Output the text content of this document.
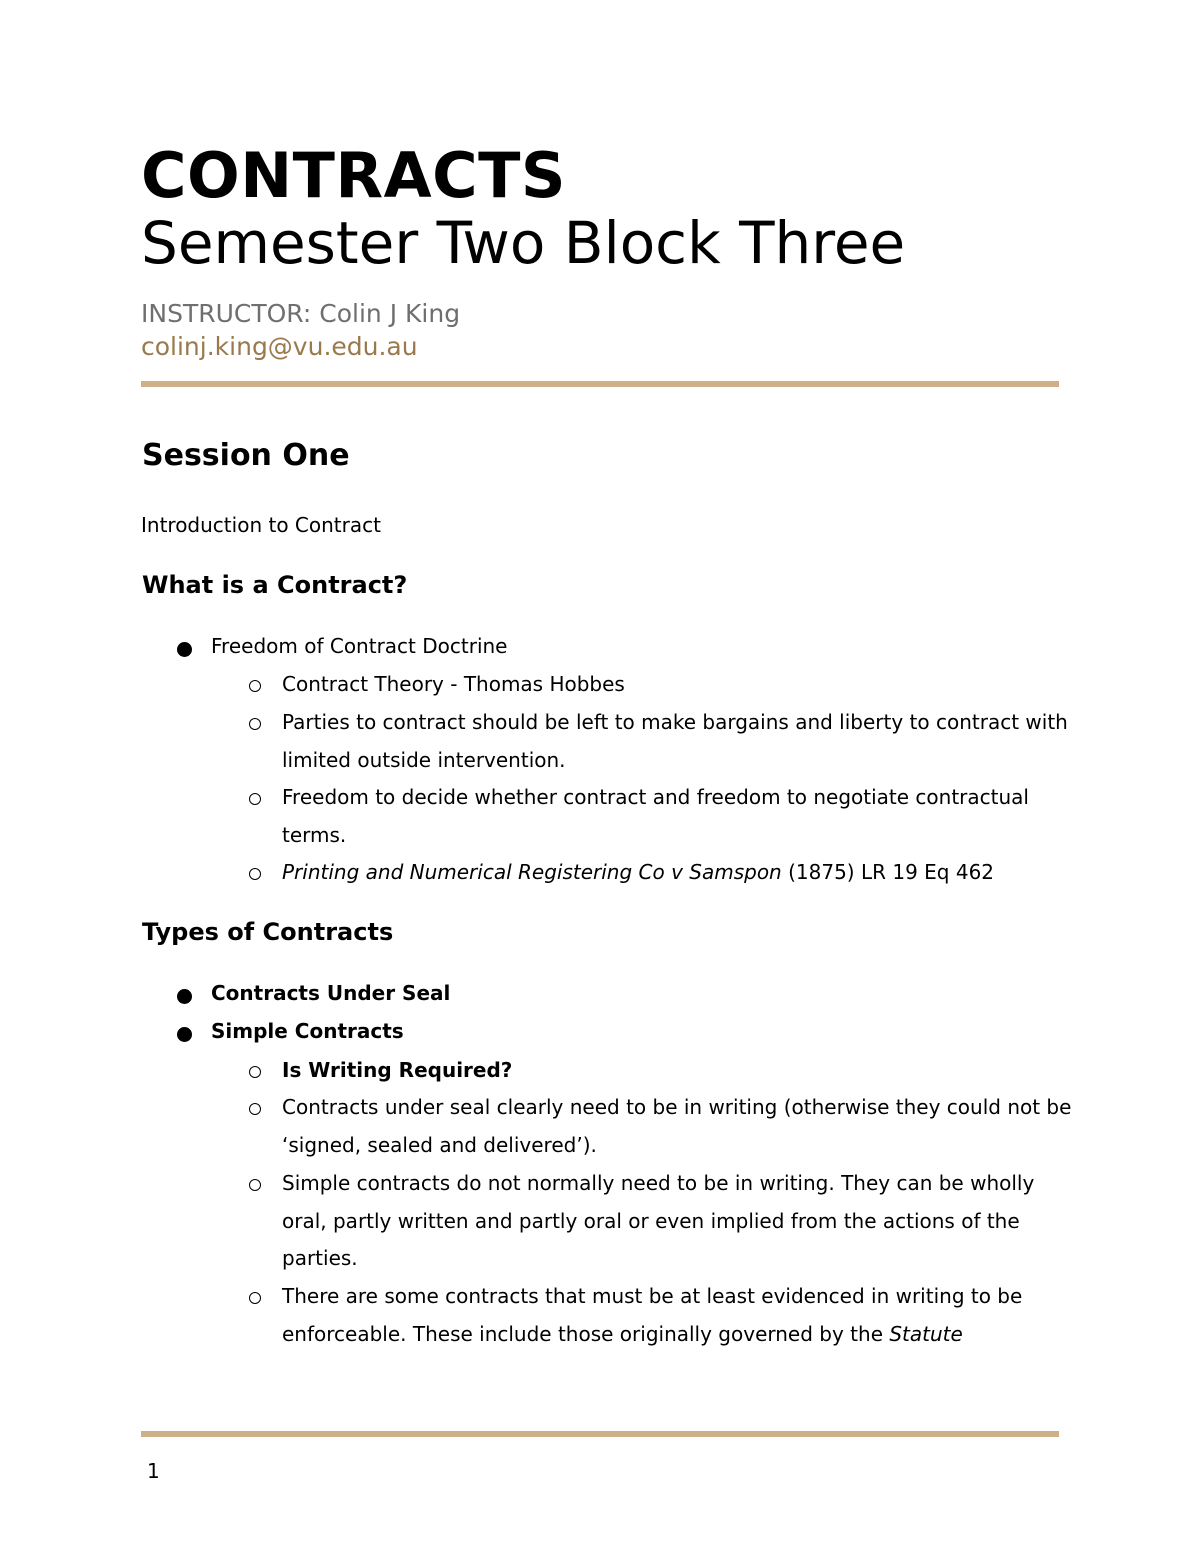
CONTRACTS
Semester Two Block Three
INSTRUCTOR: Colin J King
colinj.king@vu.edu.au
Session One
Introduction to Contract
What is a Contract?
Freedom of Contract Doctrine
Contract Theory - Thomas Hobbes
Parties to contract should be left to make bargains and liberty to contract with limited outside intervention.
Freedom to decide whether contract and freedom to negotiate contractual terms.
Printing and Numerical Registering Co v Samspon (1875) LR 19 Eq 462
Types of Contracts
Contracts Under Seal
Simple Contracts
Is Writing Required?
Contracts under seal clearly need to be in writing (otherwise they could not be ‘signed, sealed and delivered’).
Simple contracts do not normally need to be in writing. They can be wholly oral, partly written and partly oral or even implied from the actions of the parties.
There are some contracts that must be at least evidenced in writing to be enforceable. These include those originally governed by the Statute
1
